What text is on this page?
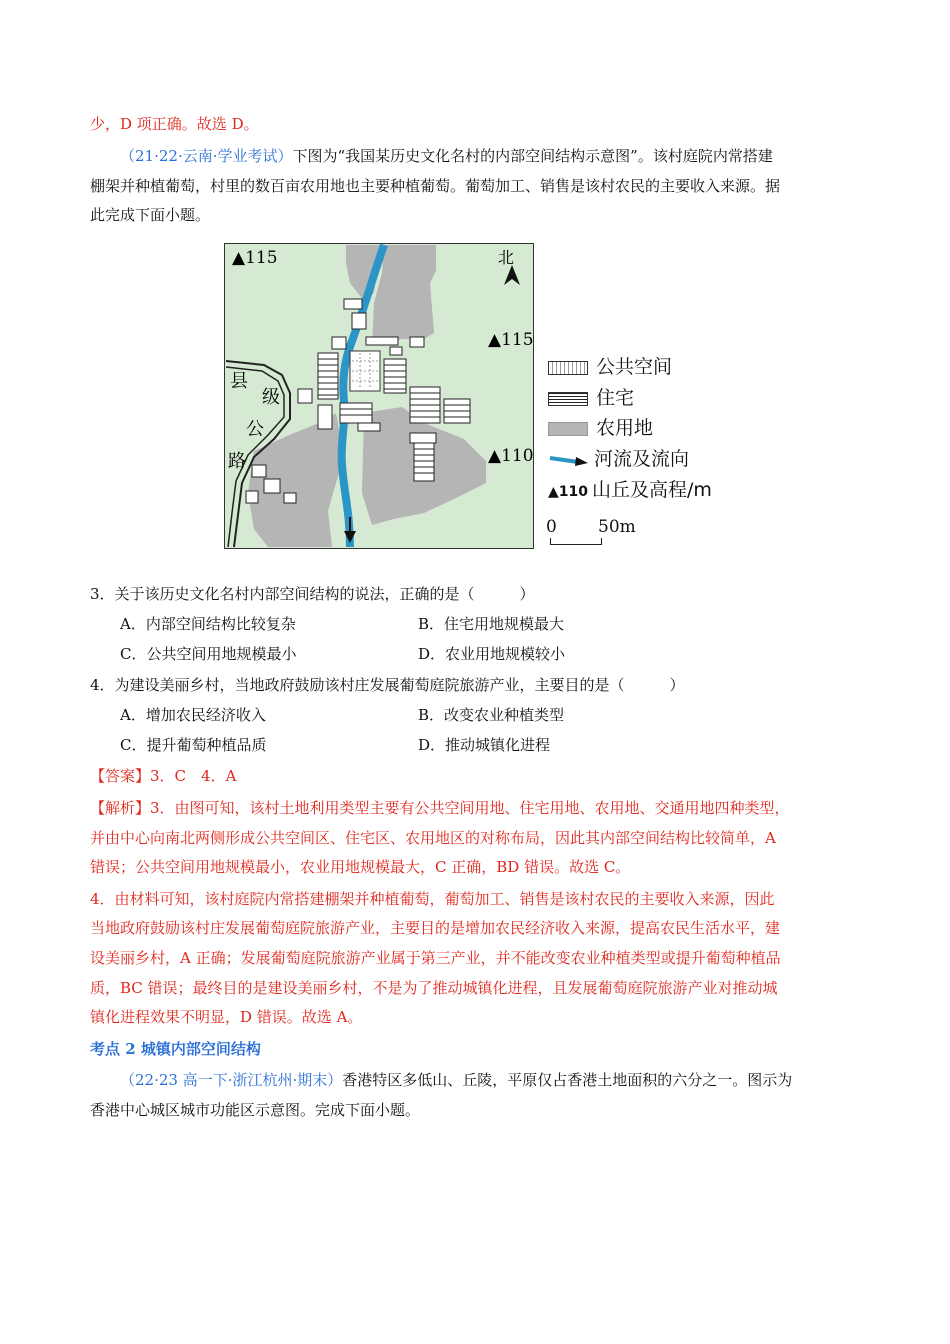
少，D 项正确。故选 D。
（21·22·云南·学业考试）下图为“我国某历史文化名村的内部空间结构示意图”。该村庭院内常搭建
棚架并种植葡萄，村里的数百亩农用地也主要种植葡萄。葡萄加工、销售是该村农民的主要收入来源。据
此完成下面小题。
北
▲115
▲115
▲110
县
级
公
路
公共空间
住宅
农用地
河流及流向
▲110 山丘及高程/m
0 50m
3．关于该历史文化名村内部空间结构的说法，正确的是（　　　）
A．内部空间结构比较复杂	B．住宅用地规模最大
C．公共空间用地规模最小	D．农业用地规模较小
4．为建设美丽乡村，当地政府鼓励该村庄发展葡萄庭院旅游产业，主要目的是（　　　）
A．增加农民经济收入	B．改变农业种植类型
C．提升葡萄种植品质	D．推动城镇化进程
【答案】3．C　4．A
【解析】3．由图可知，该村土地利用类型主要有公共空间用地、住宅用地、农用地、交通用地四种类型，
并由中心向南北两侧形成公共空间区、住宅区、农用地区的对称布局，因此其内部空间结构比较简单，A
错误；公共空间用地规模最小，农业用地规模最大，C 正确，BD 错误。故选 C。
4．由材料可知，该村庭院内常搭建棚架并种植葡萄，葡萄加工、销售是该村农民的主要收入来源，因此
当地政府鼓励该村庄发展葡萄庭院旅游产业，主要目的是增加农民经济收入来源，提高农民生活水平，建
设美丽乡村，A 正确；发展葡萄庭院旅游产业属于第三产业，并不能改变农业种植类型或提升葡萄种植品
质，BC 错误；最终目的是建设美丽乡村，不是为了推动城镇化进程，且发展葡萄庭院旅游产业对推动城
镇化进程效果不明显，D 错误。故选 A。
考点 2 城镇内部空间结构
（22·23 高一下·浙江杭州·期末）香港特区多低山、丘陵，平原仅占香港土地面积的六分之一。图示为
香港中心城区城市功能区示意图。完成下面小题。
